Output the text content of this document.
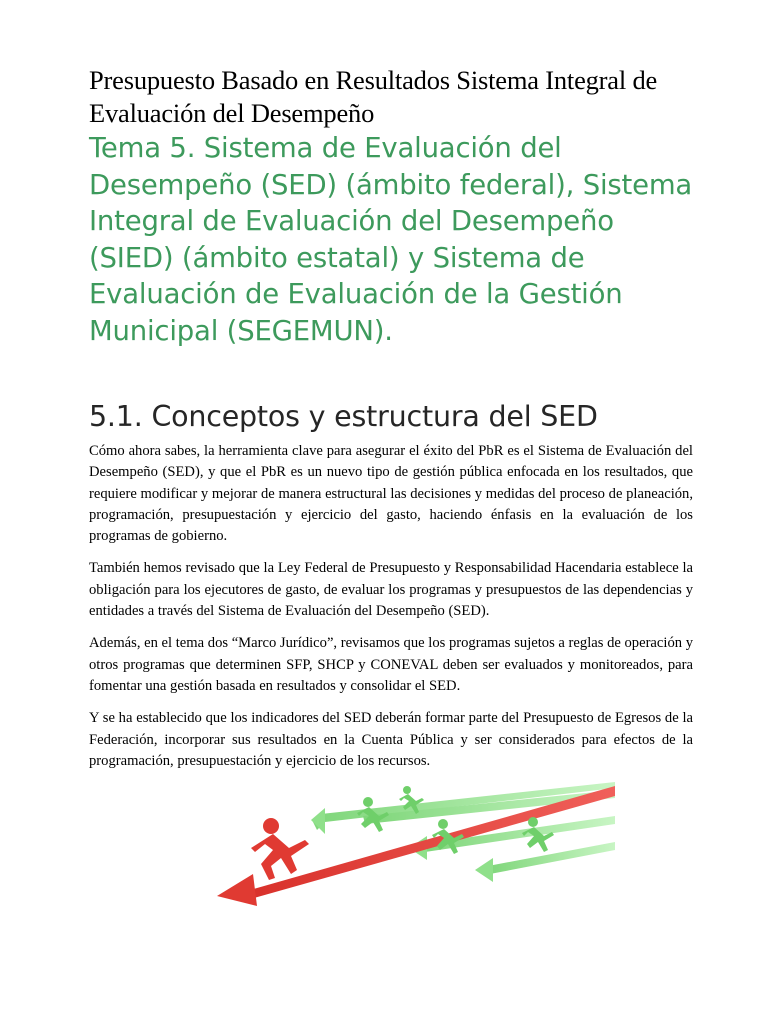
Presupuesto Basado en Resultados Sistema Integral de Evaluación del Desempeño
Tema 5. Sistema de Evaluación del Desempeño (SED) (ámbito federal), Sistema Integral de Evaluación del Desempeño (SIED) (ámbito estatal) y Sistema de Evaluación de Evaluación de la Gestión Municipal (SEGEMUN).
5.1. Conceptos y estructura del SED

Cómo ahora sabes, la herramienta clave para asegurar el éxito del PbR es el Sistema de Evaluación del Desempeño (SED), y que el PbR es un nuevo tipo de gestión pública enfocada en los resultados, que requiere modificar y mejorar de manera estructural las decisiones y medidas del proceso de planeación, programación, presupuestación y ejercicio del gasto, haciendo énfasis en la evaluación de los programas de gobierno.

También hemos revisado que la Ley Federal de Presupuesto y Responsabilidad Hacendaria establece la obligación para los ejecutores de gasto, de evaluar los programas y presupuestos de las dependencias y entidades a través del Sistema de Evaluación del Desempeño (SED).

Además, en el tema dos “Marco Jurídico”, revisamos que los programas sujetos a reglas de operación y otros programas que determinen SFP, SHCP y CONEVAL deben ser evaluados y monitoreados, para fomentar una gestión basada en resultados y consolidar el SED.

Y se ha establecido que los indicadores del SED deberán formar parte del Presupuesto de Egresos de la Federación, incorporar sus resultados en la Cuenta Pública y ser considerados para efectos de la programación, presupuestación y ejercicio de los recursos.
